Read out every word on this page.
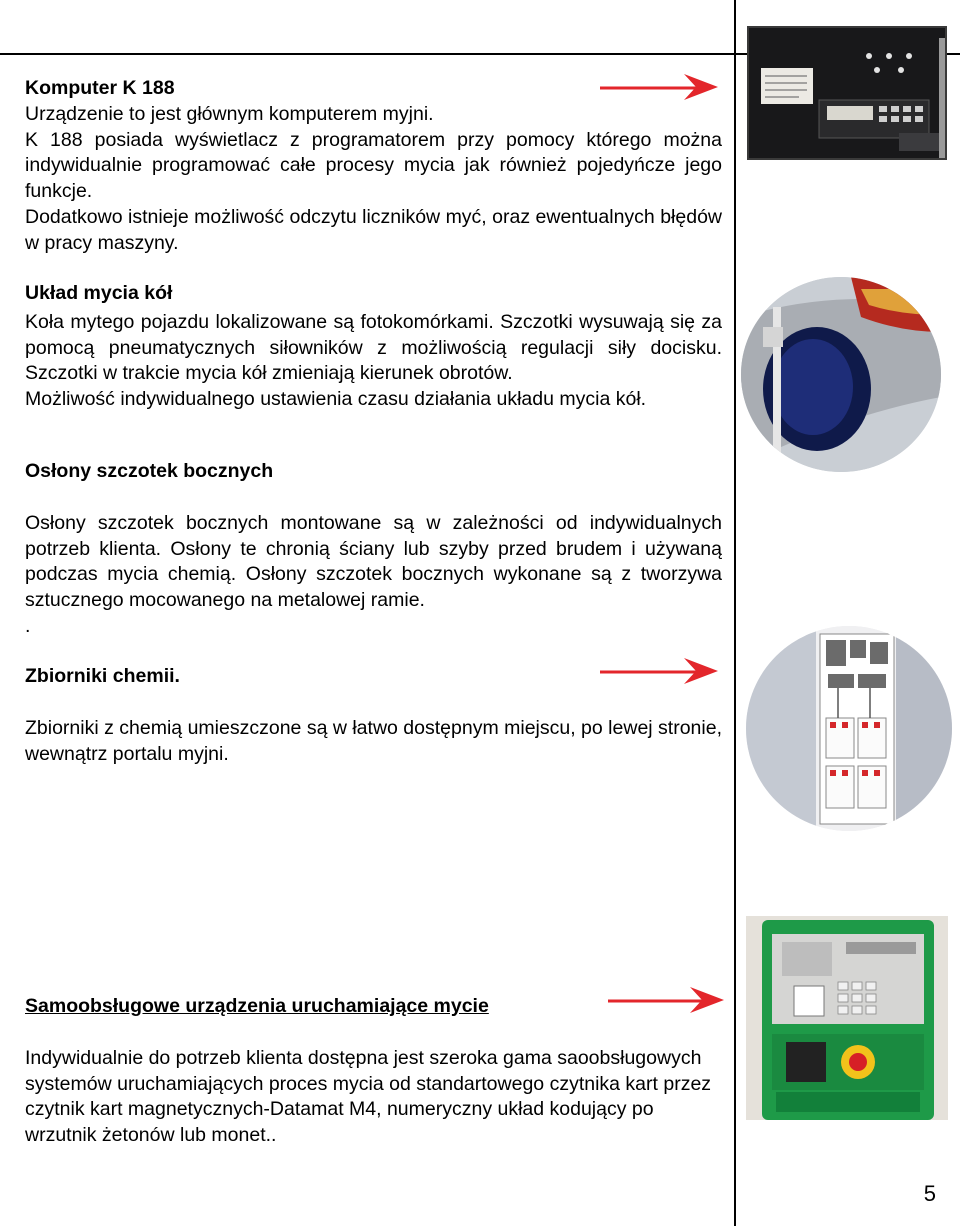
Komputer K 188

Urządzenie to jest głównym komputerem myjni.

K 188 posiada wyświetlacz z programatorem przy pomocy którego można indywidualnie programować całe procesy mycia jak również pojedyńcze jego funkcje.

Dodatkowo istnieje możliwość odczytu liczników myć, oraz ewentualnych błędów w pracy maszyny.

Układ mycia kół

Koła mytego pojazdu lokalizowane są fotokomórkami. Szczotki wysuwają się za pomocą pneumatycznych siłowników z możliwością regulacji siły docisku. Szczotki w trakcie mycia kół zmieniają kierunek obrotów.

Możliwość indywidualnego ustawienia czasu działania układu mycia kół.

Osłony szczotek bocznych

Osłony szczotek bocznych montowane są w zależności od indywidualnych potrzeb klienta. Osłony te chronią ściany lub szyby przed brudem i używaną podczas mycia chemią. Osłony szczotek bocznych wykonane są z tworzywa sztucznego mocowanego na metalowej ramie.

.

Zbiorniki chemii.

Zbiorniki z chemią umieszczone są w łatwo dostępnym miejscu, po lewej stronie, wewnątrz portalu myjni.

Samoobsługowe urządzenia uruchamiające mycie

Indywidualnie do potrzeb klienta dostępna jest szeroka gama saoobsługowych systemów uruchamiających proces mycia od standartowego czytnika kart przez czytnik kart magnetycznych-Datamat M4, numeryczny układ kodujący po wrzutnik żetonów lub monet..

5
